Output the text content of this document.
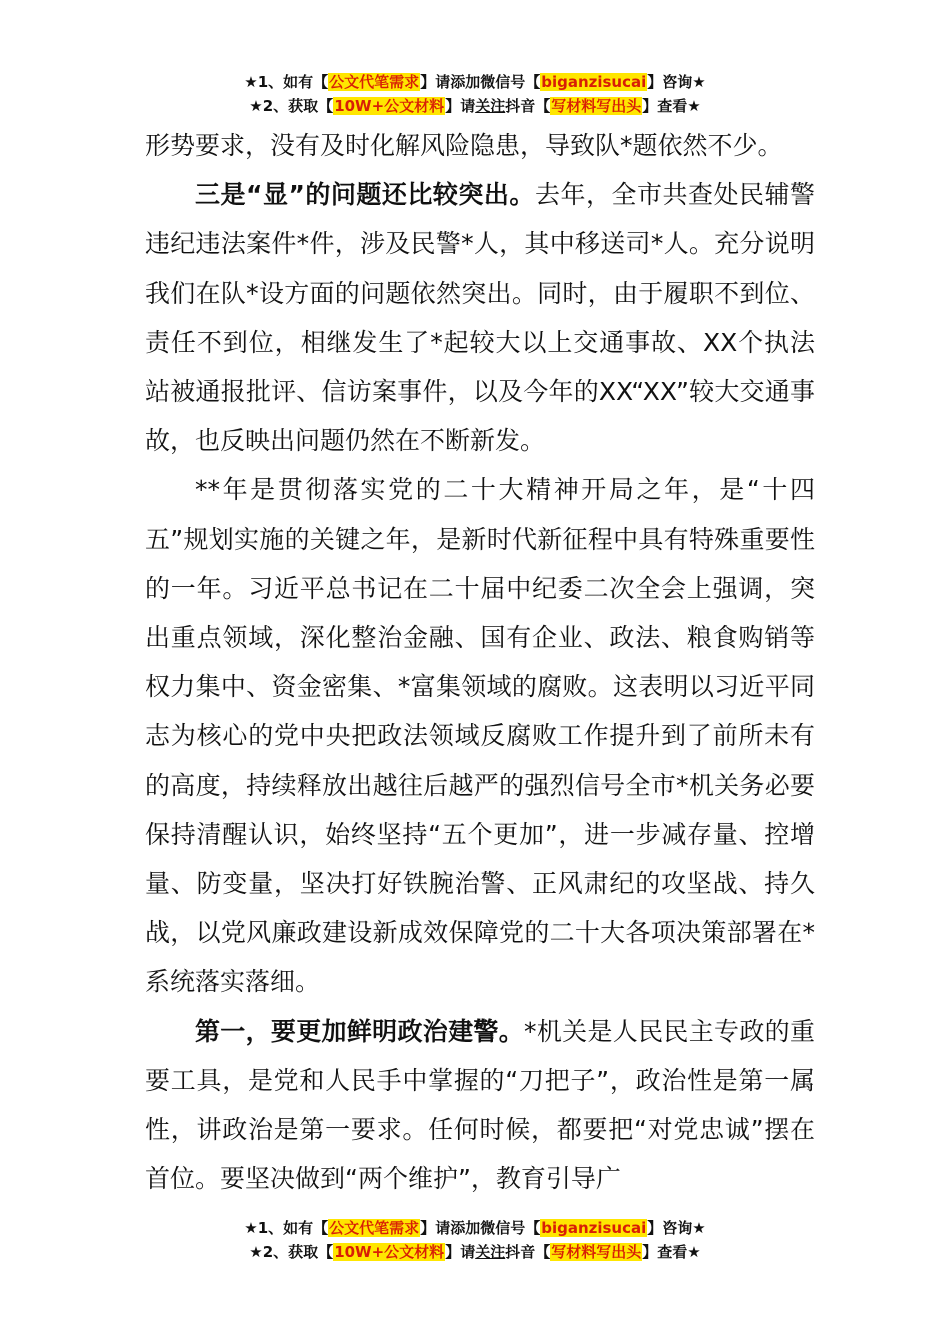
★1、如有【公文代笔需求】请添加微信号【biganzisucai】咨询★
★2、获取【10W+公文材料】请关注抖音【写材料写出头】查看★

形势要求，没有及时化解风险隐患，导致队*题依然不少。

三是“显”的问题还比较突出。去年，全市共查处民辅警违纪违法案件*件，涉及民警*人，其中移送司*人。充分说明我们在队*设方面的问题依然突出。同时，由于履职不到位、责任不到位，相继发生了*起较大以上交通事故、XX个执法站被通报批评、信访案事件，以及今年的XX“XX”较大交通事故，也反映出问题仍然在不断新发。

**年是贯彻落实党的二十大精神开局之年，是“十四五”规划实施的关键之年，是新时代新征程中具有特殊重要性的一年。习近平总书记在二十届中纪委二次全会上强调，突出重点领域，深化整治金融、国有企业、政法、粮食购销等权力集中、资金密集、*富集领域的腐败。这表明以习近平同志为核心的党中央把政法领域反腐败工作提升到了前所未有的高度，持续释放出越往后越严的强烈信号全市*机关务必要保持清醒认识，始终坚持“五个更加”，进一步减存量、控增量、防变量，坚决打好铁腕治警、正风肃纪的攻坚战、持久战，以党风廉政建设新成效保障党的二十大各项决策部署在*系统落实落细。

第一，要更加鲜明政治建警。*机关是人民民主专政的重要工具，是党和人民手中掌握的“刀把子”，政治性是第一属性，讲政治是第一要求。任何时候，都要把“对党忠诚”摆在首位。要坚决做到“两个维护”，教育引导广

★1、如有【公文代笔需求】请添加微信号【biganzisucai】咨询★
★2、获取【10W+公文材料】请关注抖音【写材料写出头】查看★
